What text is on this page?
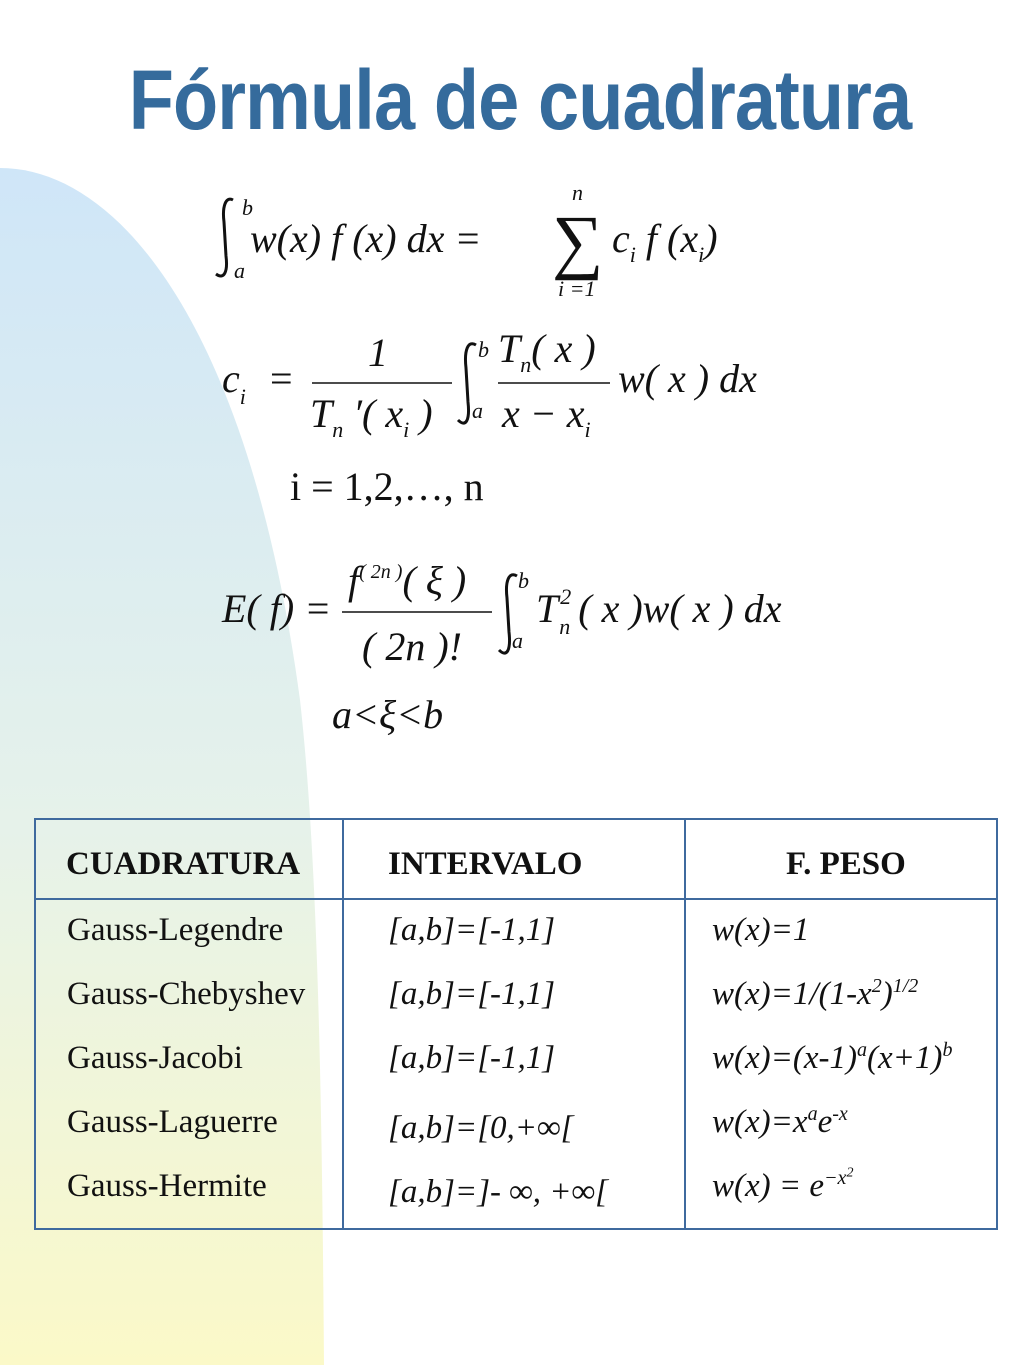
Fórmula de cuadratura
b
a
w(x) f (x) dx =
n
∑
i =1
$c_i$ f $(x_i)$
$c_i$ =
1
$T_n$ ′( $x_i$ )
b
a
$T_n$( x )
$x - x_i$
w( x ) dx
i = 1,2,…, n
E( f) =
$f^{( 2n )}$( ξ )
( 2n )!
b
a
$T^2$ n ( x )w( x ) dx
a<ξ<b
CUADRATURA	INTERVALO	F. PESO
Gauss-Legendre	[a,b]=[-1,1]	w(x)=1
Gauss-Chebyshev	[a,b]=[-1,1]	$w(x)=1/(1-x^2)^{1/2}$
Gauss-Jacobi	[a,b]=[-1,1]	$w(x)=(x-1)^a(x+1)^b$
Gauss-Laguerre	[a,b]=[0,+∞[	$w(x)=x^ae^{-x}$
Gauss-Hermite	[a,b]=]- ∞, +∞[	$w(x) = e^{-x^2}$
